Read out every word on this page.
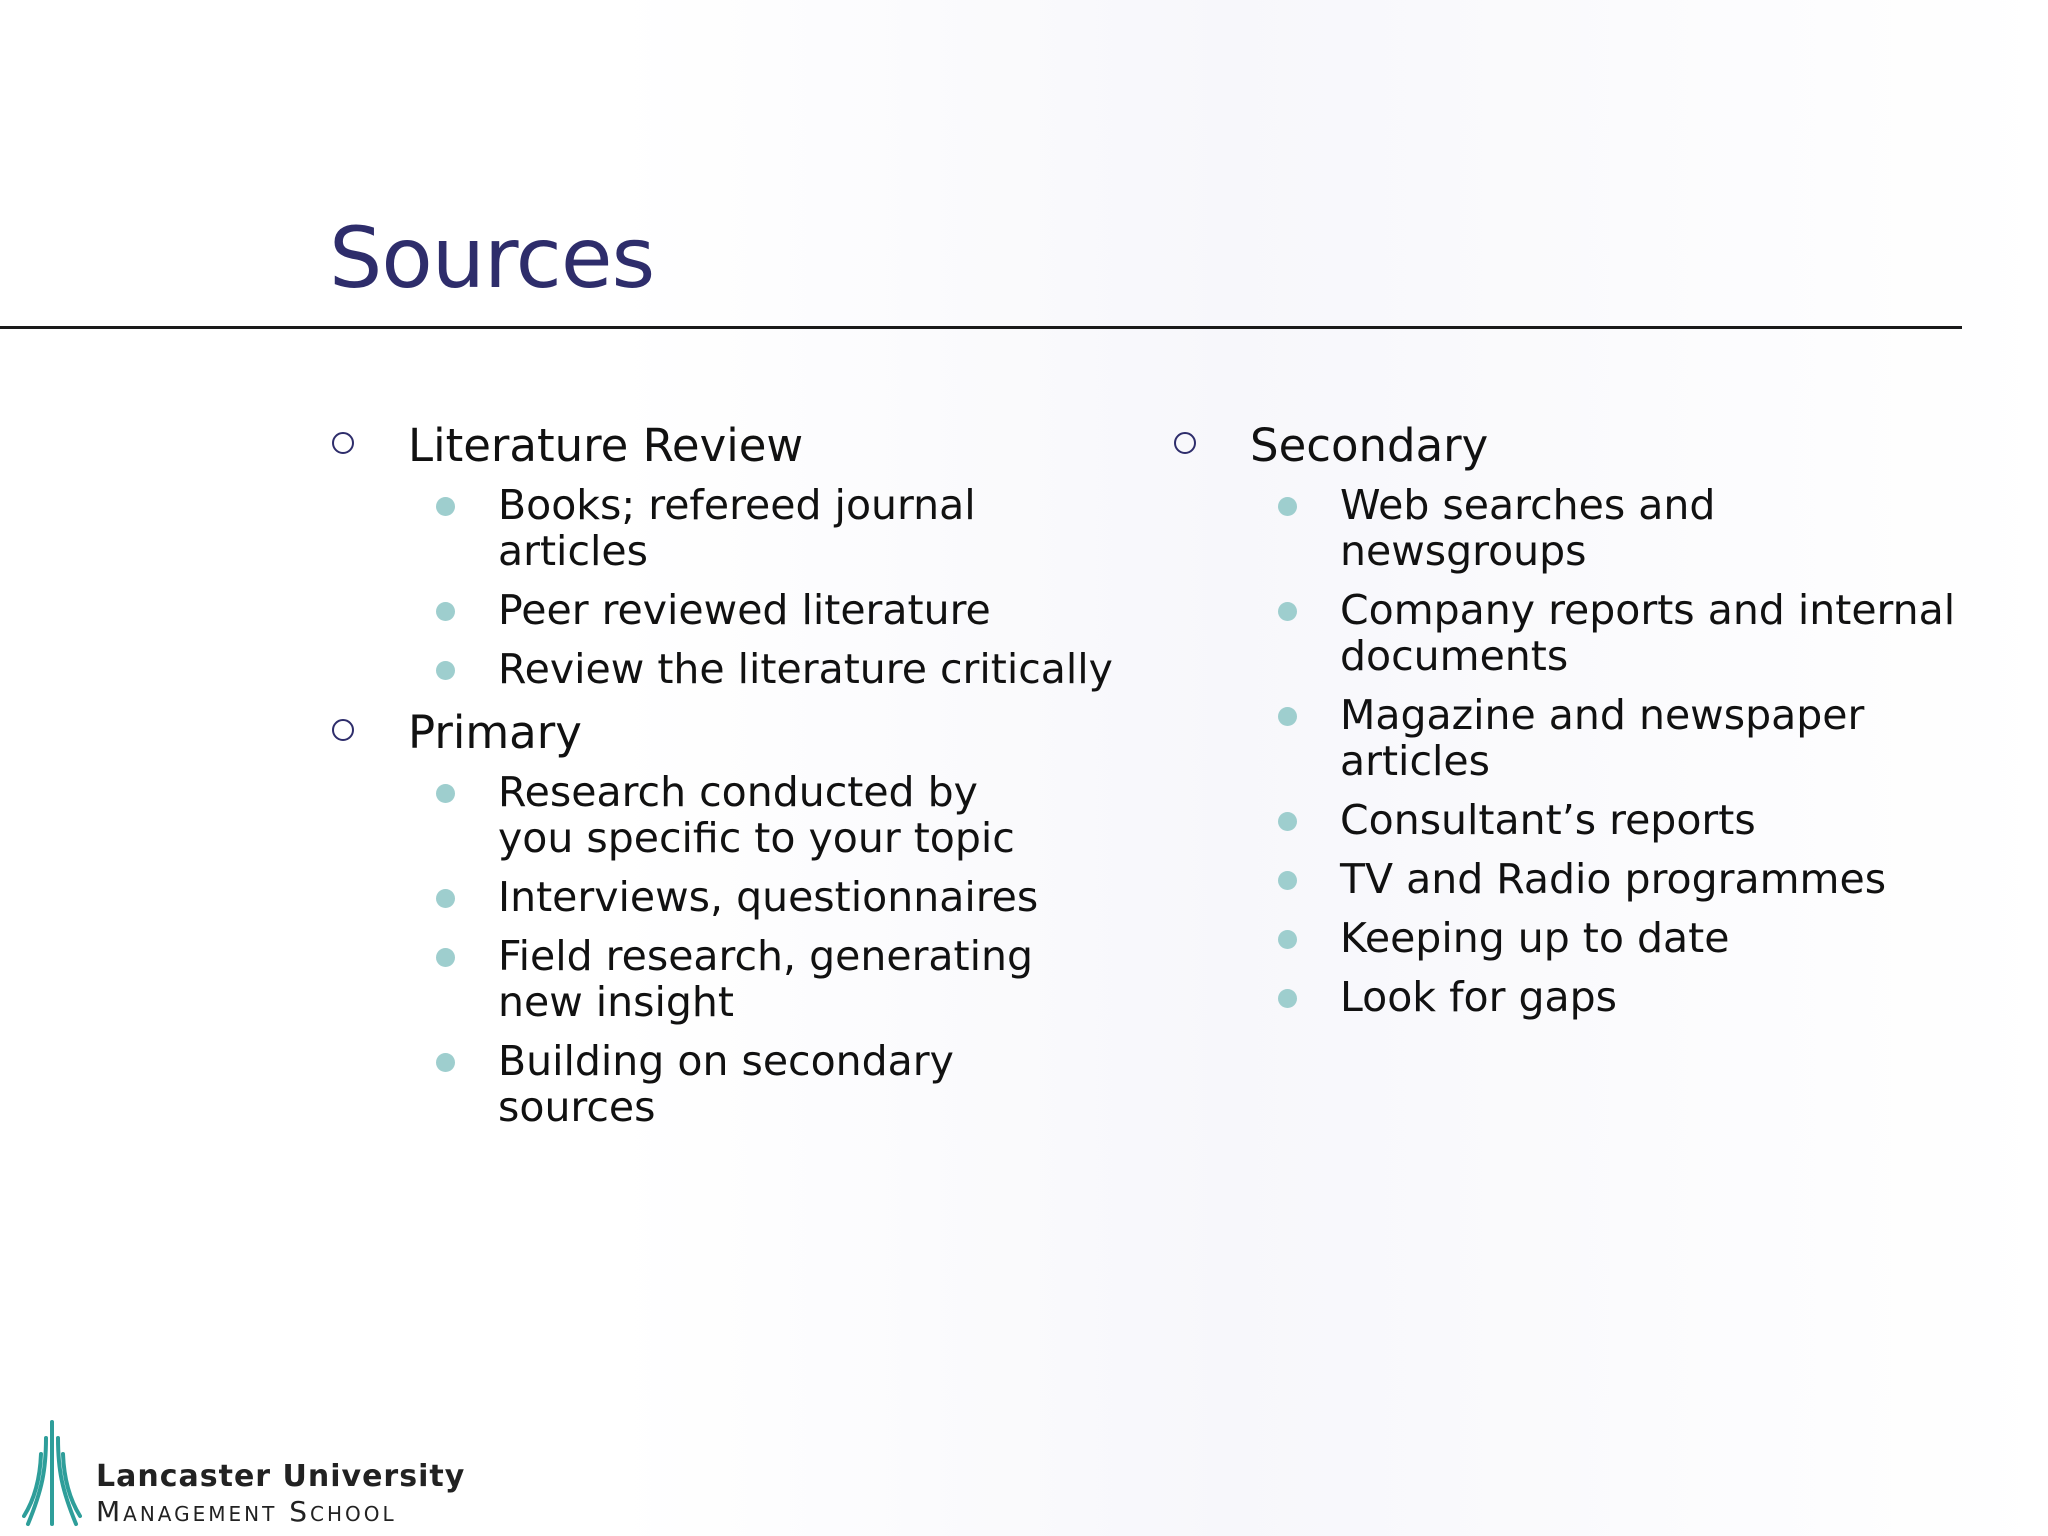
Sources
Literature Review
Books; refereed journal articles
Peer reviewed literature
Review the literature critically
Primary
Research conducted by you specific to your topic
Interviews, questionnaires
Field research, generating new insight
Building on secondary sources
Secondary
Web searches and newsgroups
Company reports and internal documents
Magazine and newspaper articles
Consultant’s reports
TV and Radio programmes
Keeping up to date
Look for gaps
Lancaster University
Management School
